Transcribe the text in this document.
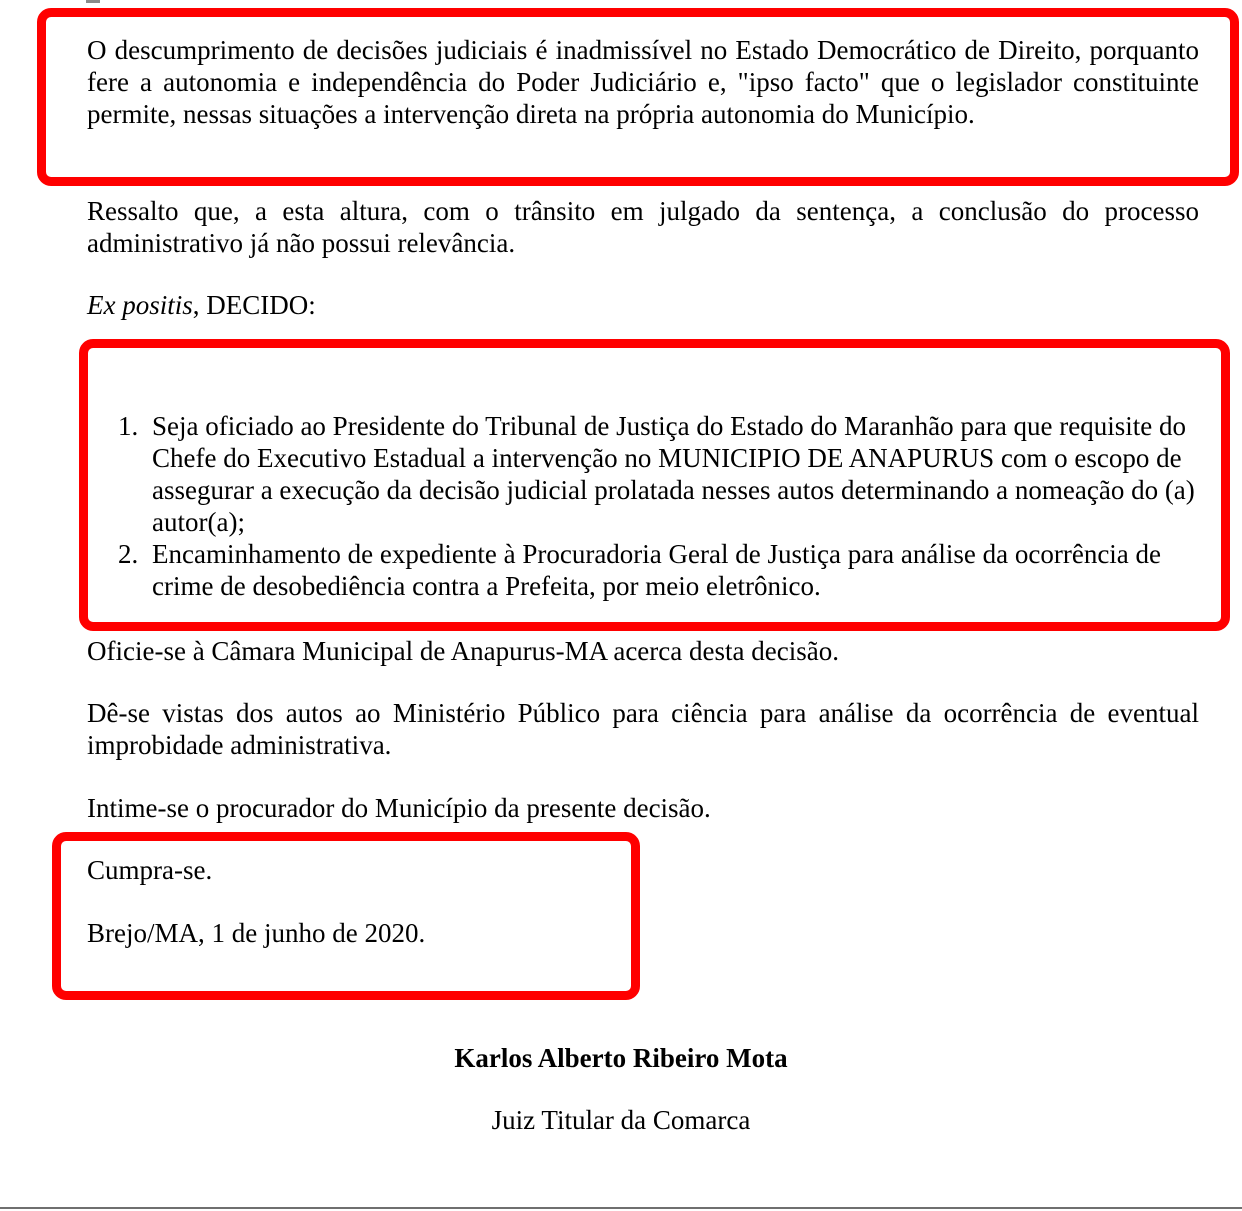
O descumprimento de decisões judiciais é inadmissível no Estado Democrático de Direito, porquanto fere a autonomia e independência do Poder Judiciário e, "ipso facto" que o legislador constituinte permite, nessas situações a intervenção direta na própria autonomia do Município.

Ressalto que, a esta altura, com o trânsito em julgado da sentença, a conclusão do processo administrativo já não possui relevância.

Ex positis, DECIDO:

1. Seja oficiado ao Presidente do Tribunal de Justiça do Estado do Maranhão para que requisite do Chefe do Executivo Estadual a intervenção no MUNICIPIO DE ANAPURUS com o escopo de assegurar a execução da decisão judicial prolatada nesses autos determinando a nomeação do (a) autor(a);
2. Encaminhamento de expediente à Procuradoria Geral de Justiça para análise da ocorrência de crime de desobediência contra a Prefeita, por meio eletrônico.

Oficie-se à Câmara Municipal de Anapurus-MA acerca desta decisão.

Dê-se vistas dos autos ao Ministério Público para ciência para análise da ocorrência de eventual improbidade administrativa.

Intime-se o procurador do Município da presente decisão.

Cumpra-se.

Brejo/MA, 1 de junho de 2020.

Karlos Alberto Ribeiro Mota

Juiz Titular da Comarca
